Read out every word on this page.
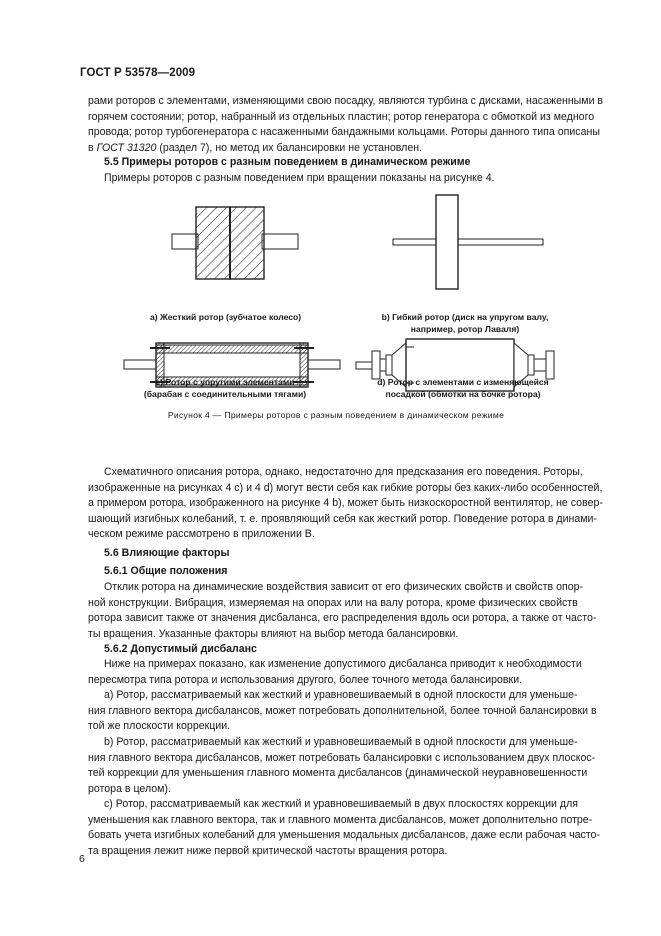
ГОСТ Р 53578—2009
рами роторов с элементами, изменяющими свою посадку, являются турбина с дисками, насаженными в
горячем состоянии; ротор, набранный из отдельных пластин; ротор генератора с обмоткой из медного
провода; ротор турбогенератора с насаженными бандажными кольцами. Роторы данного типа описаны
в ГОСТ 31320 (раздел 7), но метод их балансировки не установлен.
5.5 Примеры роторов с разным поведением в динамическом режиме
Примеры роторов с разным поведением при вращении показаны на рисунке 4.
а) Жесткий ротор (зубчатое колесо)	b) Гибкий ротор (диск на упругом валу,
например, ротор Лаваля)
с) Ротор с упругими элементами
(барабан с соединительными тягами)
d) Ротор с элементами с изменяющейся
посадкой (обмотки на бочке ротора)
Рисунок 4 — Примеры роторов с разным поведением в динамическом режиме
Схематичного описания ротора, однако, недостаточно для предсказания его поведения. Роторы,
изображенные на рисунках 4 с) и 4 d) могут вести себя как гибкие роторы без каких-либо особенностей,
а примером ротора, изображенного на рисунке 4 b), может быть низкоскоростной вентилятор, не совер-
шающий изгибных колебаний, т. е. проявляющий себя как жесткий ротор. Поведение ротора в динами-
ческом режиме рассмотрено в приложении В.
5.6 Влияющие факторы
5.6.1 Общие положения
Отклик ротора на динамические воздействия зависит от его физических свойств и свойств опор-
ной конструкции. Вибрация, измеряемая на опорах или на валу ротора, кроме физических свойств
ротора зависит также от значения дисбаланса, его распределения вдоль оси ротора, а также от часто-
ты вращения. Указанные факторы влияют на выбор метода балансировки.
5.6.2 Допустимый дисбаланс
Ниже на примерах показано, как изменение допустимого дисбаланса приводит к необходимости
пересмотра типа ротора и использования другого, более точного метода балансировки.
а) Ротор, рассматриваемый как жесткий и уравновешиваемый в одной плоскости для уменьше-
ния главного вектора дисбалансов, может потребовать дополнительной, более точной балансировки в
той же плоскости коррекции.
b) Ротор, рассматриваемый как жесткий и уравновешиваемый в одной плоскости для уменьше-
ния главного вектора дисбалансов, может потребовать балансировки с использованием двух плоскос-
тей коррекции для уменьшения главного момента дисбалансов (динамической неуравновешенности
ротора в целом).
с) Ротор, рассматриваемый как жесткий и уравновешиваемый в двух плоскостях коррекции для
уменьшения как главного вектора, так и главного момента дисбалансов, может дополнительно потре-
бовать учета изгибных колебаний для уменьшения модальных дисбалансов, даже если рабочая часто-
та вращения лежит ниже первой критической частоты вращения ротора.
6
